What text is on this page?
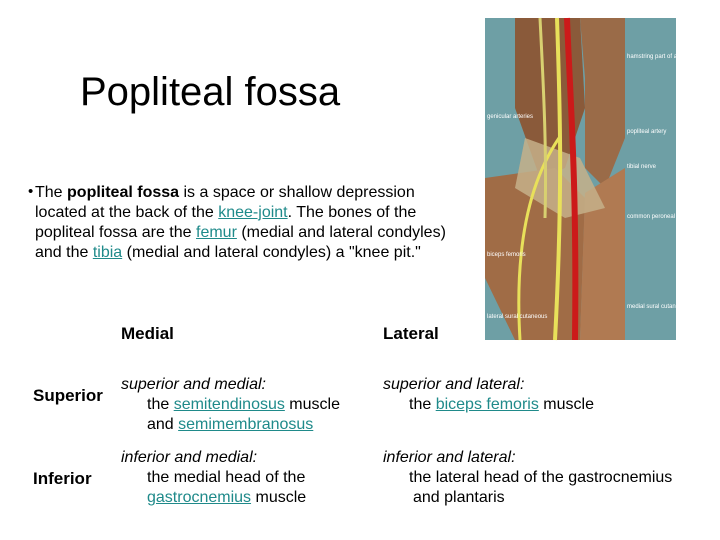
Popliteal fossa
• The popliteal fossa is a space or shallow depression located at the back of the knee-joint. The bones of the popliteal fossa are the femur (medial and lateral condyles) and the tibia (medial and lateral condyles) a "knee pit."
hamstring part of adductor magnus
genicular arteries
popliteal artery
tibial nerve
common peroneal nerve
biceps femoris
medial sural cutaneous
lateral sural cutaneous
Medial	Lateral
Superior
Inferior
superior and medial:
the semitendinosus muscle
and semimembranosus
superior and lateral:
the biceps femoris muscle
inferior and medial:
the medial head of the
gastrocnemius muscle
inferior and lateral:
the lateral head of the gastrocnemius
and plantaris
